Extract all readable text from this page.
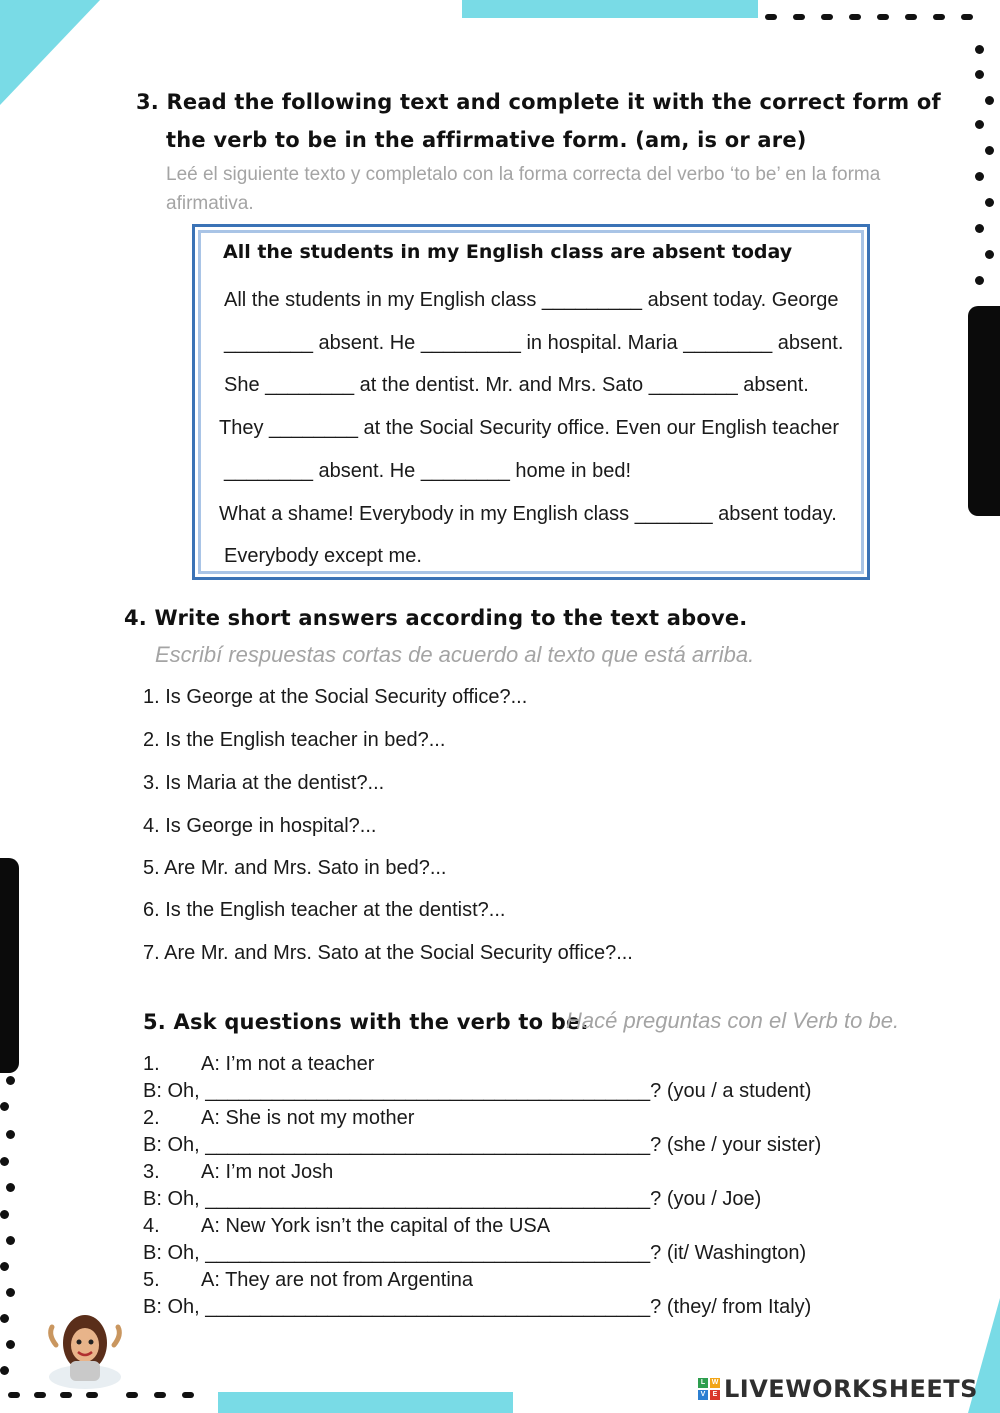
3. Read the following text and complete it with the correct form of
the verb to be in the affirmative form. (am, is or are)
Leé el siguiente texto y completalo con la forma correcta del verbo ‘to be’ en la forma
afirmativa.
All the students in my English class are absent today
All the students in my English class _________ absent today. George
________ absent. He _________ in hospital. Maria ________ absent.
She ________ at the dentist. Mr. and Mrs. Sato ________ absent.
They ________ at the Social Security office. Even our English teacher
________ absent. He ________ home in bed!
What a shame! Everybody in my English class _______ absent today.
Everybody except me.
4. Write short answers according to the text above.
Escribí respuestas cortas de acuerdo al texto que está arriba.
1. Is George at the Social Security office?...
2. Is the English teacher in bed?...
3. Is Maria at the dentist?...
4. Is George in hospital?...
5. Are Mr. and Mrs. Sato in bed?...
6. Is the English teacher at the dentist?...
7. Are Mr. and Mrs. Sato at the Social Security office?...
5. Ask questions with the verb to be.
Hacé preguntas con el Verb to be.
1. A: I’m not a teacher
B: Oh, ________________________________________? (you / a student)
2. A: She is not my mother
B: Oh, ________________________________________? (she / your sister)
3. A: I’m not Josh
B: Oh, ________________________________________? (you / Joe)
4. A: New York isn’t the capital of the USA
B: Oh, ________________________________________? (it/ Washington)
5. A: They are not from Argentina
B: Oh, ________________________________________? (they/ from Italy)
L W
V	E LIVEWORKSHEETS
